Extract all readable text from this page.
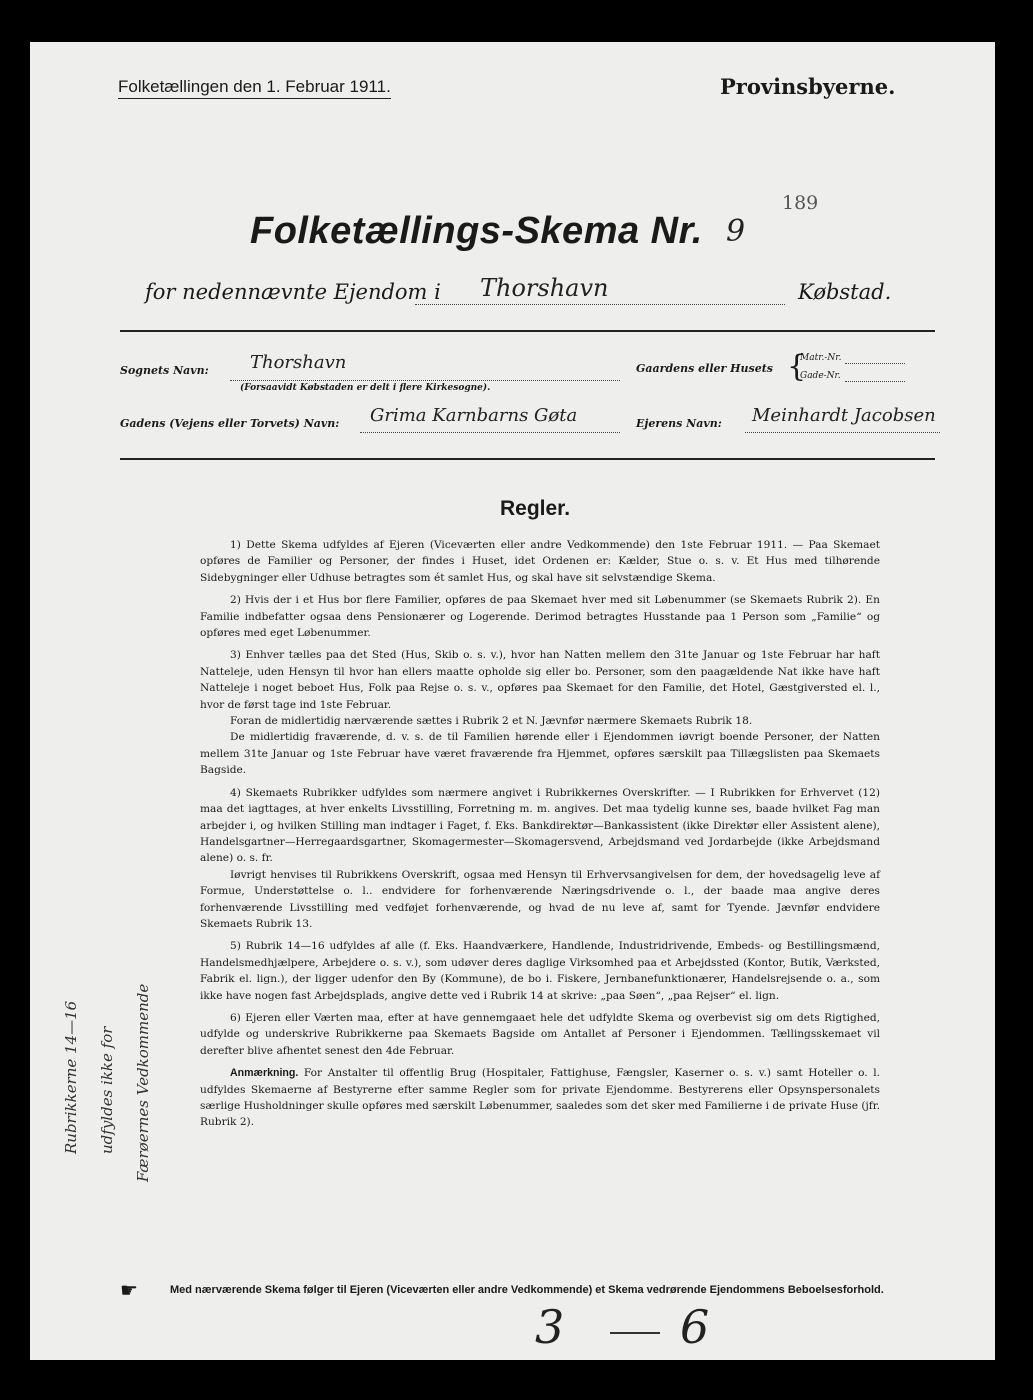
Folketællingen den 1. Februar 1911.	Provinsbyerne.
189
Folketællings-Skema Nr. 9
for nedennævnte Ejendom i Thorshavn	Købstad.
Sognets Navn: Thorshavn
(Forsaavidt Købstaden er delt i flere Kirkesogne).
Gaardens eller Husets {
Matr.-Nr.
Gade-Nr.
Gadens (Vejens eller Torvets) Navn: Grima Karnbarns Gøta	Ejerens Navn: Meinhardt Jacobsen
Regler.

1) Dette Skema udfyldes af Ejeren (Viceværten eller andre Vedkommende) den 1ste Februar 1911. — Paa Skemaet opføres de Familier og Personer, der findes i Huset, idet Ordenen er: Kælder, Stue o. s. v. Et Hus med tilhørende Sidebygninger eller Udhuse betragtes som ét samlet Hus, og skal have sit selvstændige Skema.

2) Hvis der i et Hus bor flere Familier, opføres de paa Skemaet hver med sit Løbenummer (se Skemaets Rubrik 2). En Familie indbefatter ogsaa dens Pensionærer og Logerende. Derimod betragtes Husstande paa 1 Person som „Familie“ og opføres med eget Løbenummer.

3) Enhver tælles paa det Sted (Hus, Skib o. s. v.), hvor han Natten mellem den 31te Januar og 1ste Februar har haft Natteleje, uden Hensyn til hvor han ellers maatte opholde sig eller bo. Personer, som den paagældende Nat ikke have haft Natteleje i noget beboet Hus, Folk paa Rejse o. s. v., opføres paa Skemaet for den Familie, det Hotel, Gæstgiversted el. l., hvor de først tage ind 1ste Februar.

Foran de midlertidig nærværende sættes i Rubrik 2 et N. Jævnfør nærmere Skemaets Rubrik 18.

De midlertidig fraværende, d. v. s. de til Familien hørende eller i Ejendommen iøvrigt boende Personer, der Natten mellem 31te Januar og 1ste Februar have været fraværende fra Hjemmet, opføres særskilt paa Tillægslisten paa Skemaets Bagside.

4) Skemaets Rubrikker udfyldes som nærmere angivet i Rubrikkernes Overskrifter. — I Rubrikken for Erhvervet (12) maa det iagttages, at hver enkelts Livsstilling, Forretning m. m. angives. Det maa tydelig kunne ses, baade hvilket Fag man arbejder i, og hvilken Stilling man indtager i Faget, f. Eks. Bankdirektør—Bankassistent (ikke Direktør eller Assistent alene), Handelsgartner—Herregaardsgartner, Skomagermester—Skomagersvend, Arbejdsmand ved Jordarbejde (ikke Arbejdsmand alene) o. s. fr.

Iøvrigt henvises til Rubrikkens Overskrift, ogsaa med Hensyn til Erhvervsangivelsen for dem, der hovedsagelig leve af Formue, Understøttelse o. l.. endvidere for forhenværende Næringsdrivende o. l., der baade maa angive deres forhenværende Livsstilling med vedføjet forhenværende, og hvad de nu leve af, samt for Tyende. Jævnfør endvidere Skemaets Rubrik 13.

5) Rubrik 14—16 udfyldes af alle (f. Eks. Haandværkere, Handlende, Industridrivende, Embeds- og Bestillingsmænd, Handelsmedhjælpere, Arbejdere o. s. v.), som udøver deres daglige Virksomhed paa et Arbejdssted (Kontor, Butik, Værksted, Fabrik el. lign.), der ligger udenfor den By (Kommune), de bo i. Fiskere, Jernbanefunktionærer, Handelsrejsende o. a., som ikke have nogen fast Arbejdsplads, angive dette ved i Rubrik 14 at skrive: „paa Søen“, „paa Rejser“ el. lign.

6) Ejeren eller Værten maa, efter at have gennemgaaet hele det udfyldte Skema og overbevist sig om dets Rigtighed, udfylde og underskrive Rubrikkerne paa Skemaets Bagside om Antallet af Personer i Ejendommen. Tællingsskemaet vil derefter blive afhentet senest den 4de Februar.

Anmærkning. For Anstalter til offentlig Brug (Hospitaler, Fattighuse, Fængsler, Kaserner o. s. v.) samt Hoteller o. l. udfyldes Skemaerne af Bestyrerne efter samme Regler som for private Ejendomme. Bestyrerens eller Opsynspersonalets særlige Husholdninger skulle opføres med særskilt Løbenummer, saaledes som det sker med Familierne i de private Huse (jfr. Rubrik 2).

Rubrikkerne 14—16 udfyldes ikke for Færøernes Vedkommende
☛	Med nærværende Skema følger til Ejeren (Viceværten eller andre Vedkommende) et Skema vedrørende Ejendommens Beboelsesforhold.
3	6
